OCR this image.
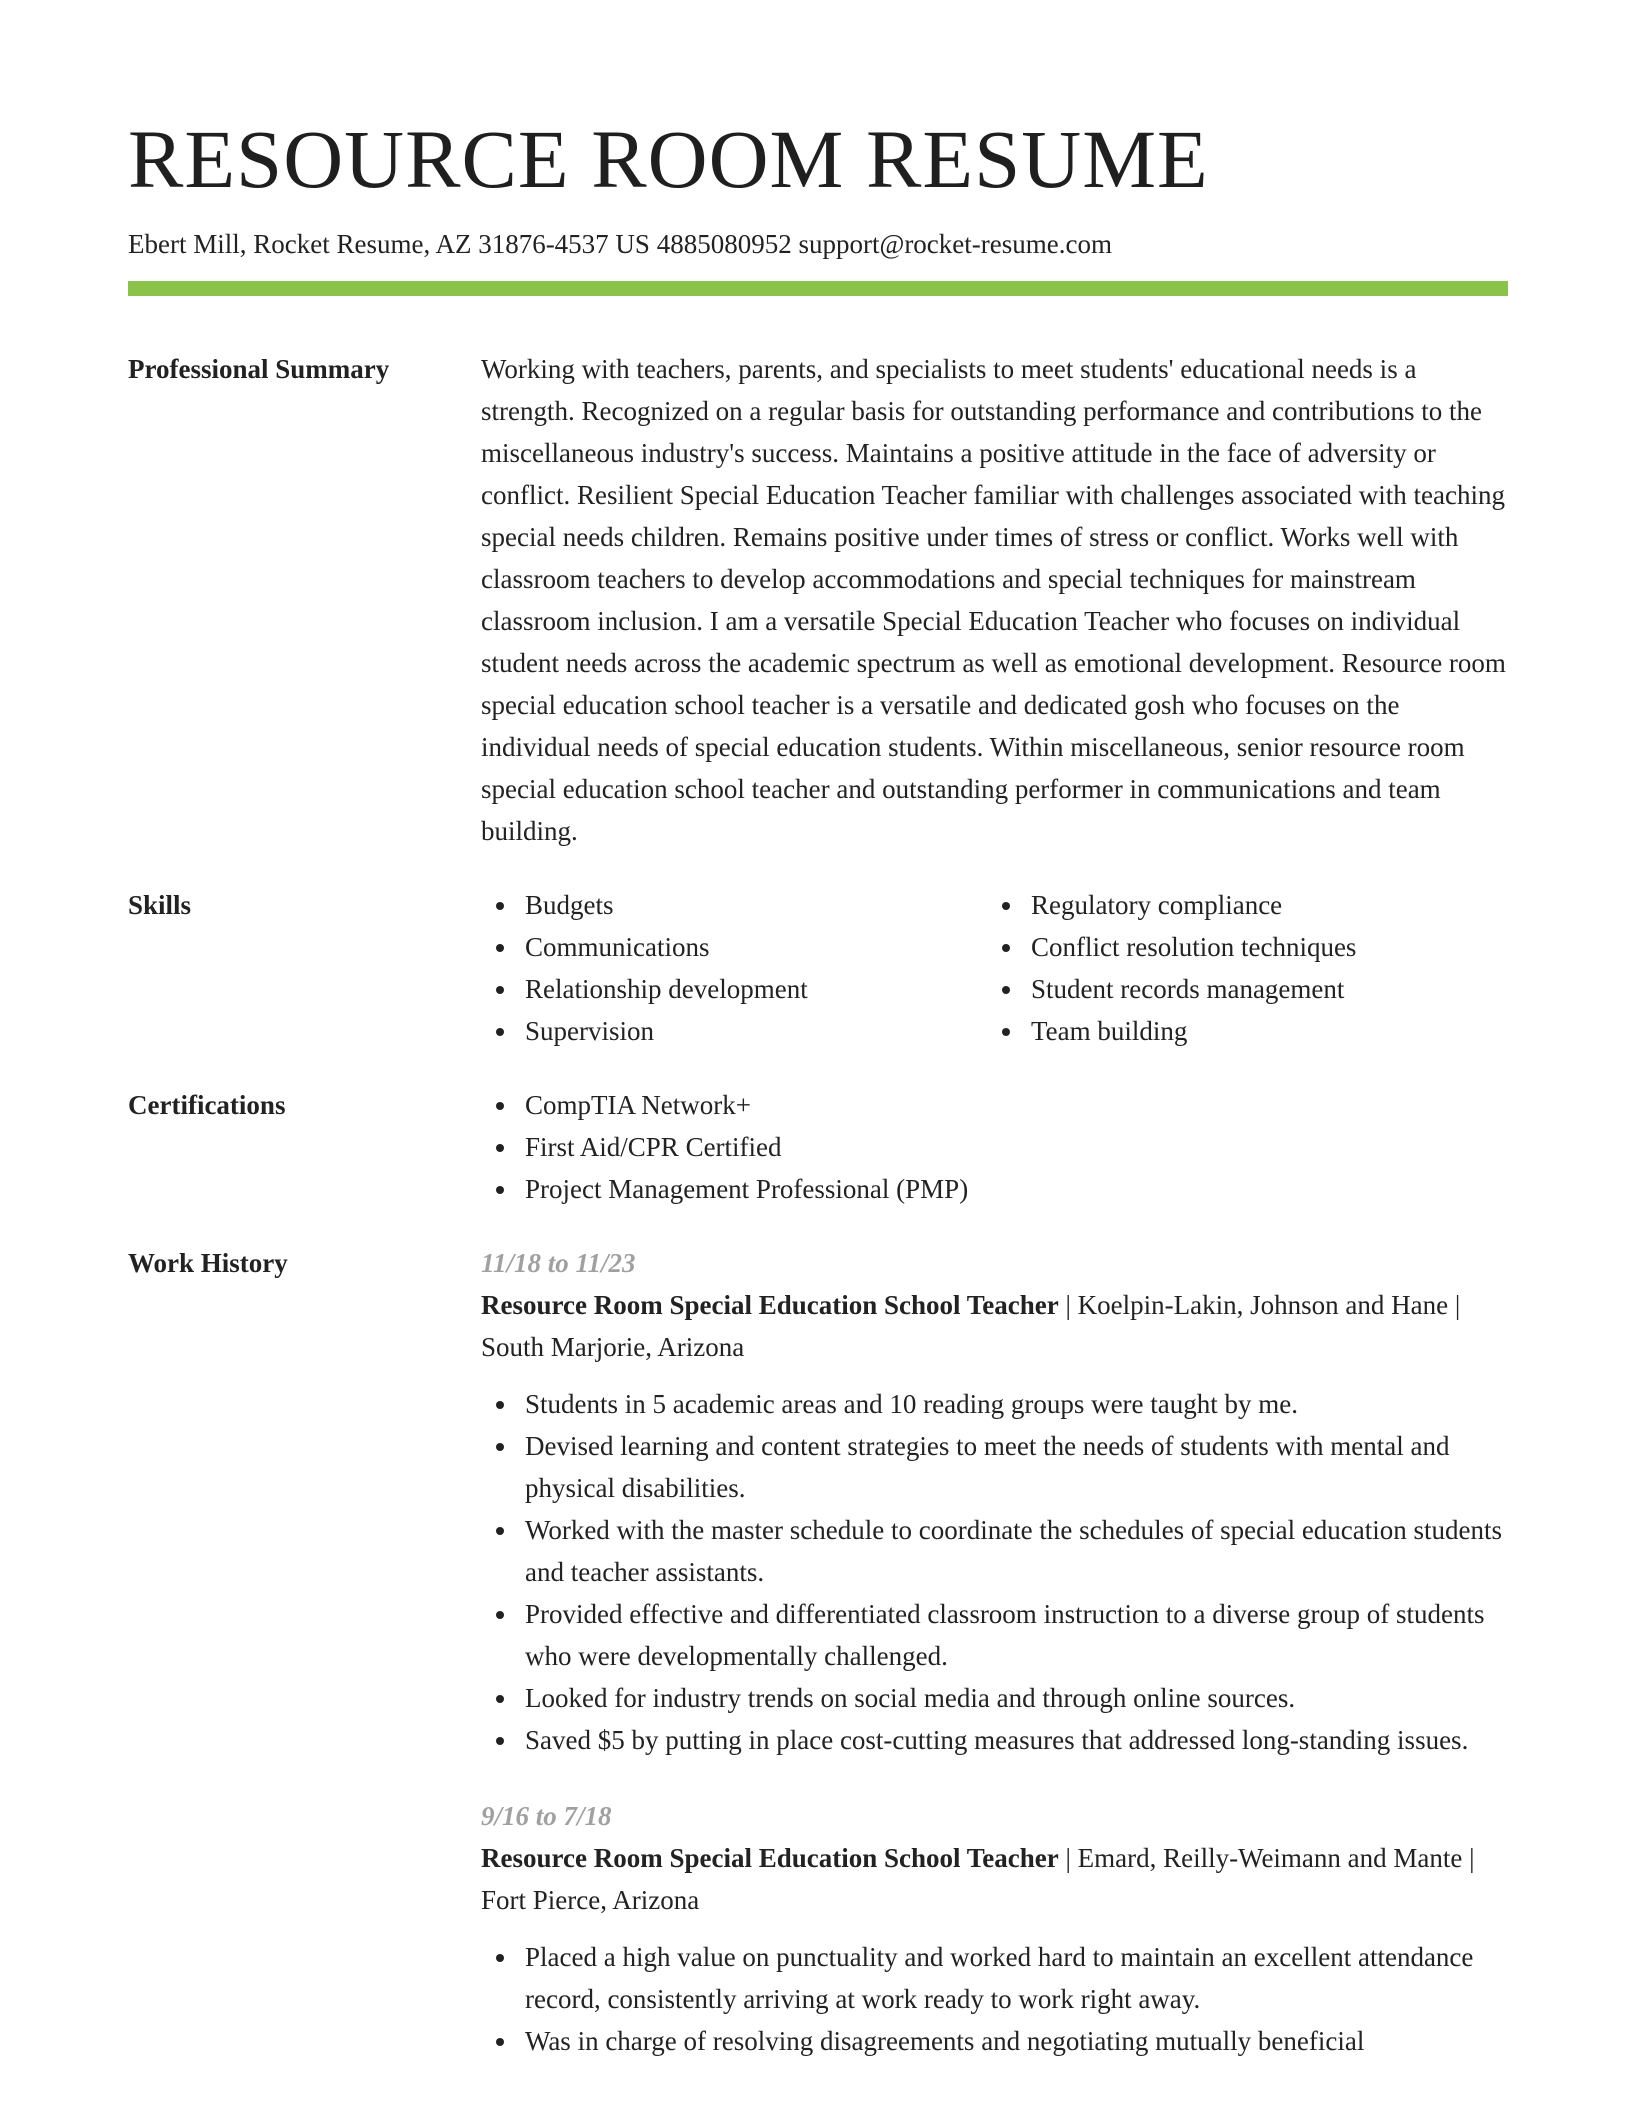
RESOURCE ROOM RESUME
Ebert Mill, Rocket Resume, AZ 31876-4537 US 4885080952 support@rocket-resume.com
Professional Summary	Working with teachers, parents, and specialists to meet students' educational needs is a strength. Recognized on a regular basis for outstanding performance and contributions to the miscellaneous industry's success. Maintains a positive attitude in the face of adversity or conflict. Resilient Special Education Teacher familiar with challenges associated with teaching special needs children. Remains positive under times of stress or conflict. Works well with classroom teachers to develop accommodations and special techniques for mainstream classroom inclusion. I am a versatile Special Education Teacher who focuses on individual student needs across the academic spectrum as well as emotional development. Resource room special education school teacher is a versatile and dedicated gosh who focuses on the individual needs of special education students. Within miscellaneous, senior resource room special education school teacher and outstanding performer in communications and team building.
Skills	Budgets	Regulatory compliance
Communications	Conflict resolution techniques
Relationship development	Student records management
Supervision	Team building
Certifications	CompTIA Network+
First Aid/CPR Certified
Project Management Professional (PMP)
Work History	11/18 to 11/23
Resource Room Special Education School Teacher | Koelpin-Lakin, Johnson and Hane | South Marjorie, Arizona
Students in 5 academic areas and 10 reading groups were taught by me.
Devised learning and content strategies to meet the needs of students with mental and physical disabilities.
Worked with the master schedule to coordinate the schedules of special education students and teacher assistants.
Provided effective and differentiated classroom instruction to a diverse group of students who were developmentally challenged.
Looked for industry trends on social media and through online sources.
Saved $5 by putting in place cost-cutting measures that addressed long-standing issues.
9/16 to 7/18
Resource Room Special Education School Teacher | Emard, Reilly-Weimann and Mante | Fort Pierce, Arizona
Placed a high value on punctuality and worked hard to maintain an excellent attendance record, consistently arriving at work ready to work right away.
Was in charge of resolving disagreements and negotiating mutually beneficial
